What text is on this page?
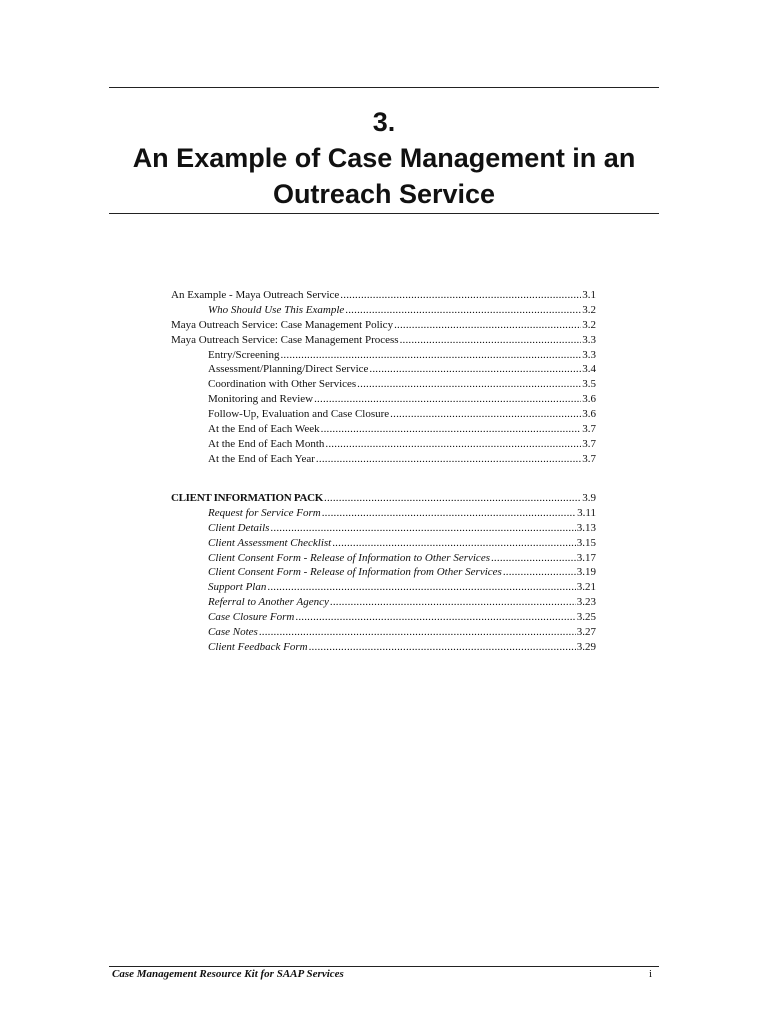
3.
An Example of Case Management in an
Outreach Service
An Example - Maya Outreach Service .....	3.1
Who Should Use This Example .....	3.2
Maya Outreach Service: Case Management Policy .....	3.2
Maya Outreach Service: Case Management Process .....	3.3
Entry/Screening .....	3.3
Assessment/Planning/Direct Service .....	3.4
Coordination with Other Services .....	3.5
Monitoring and Review .....	3.6
Follow-Up, Evaluation and Case Closure .....	3.6
At the End of Each Week .....	3.7
At the End of Each Month .....	3.7
At the End of Each Year .....	3.7
CLIENT INFORMATION PACK .....	3.9
Request for Service Form .....	3.11
Client Details .....	3.13
Client Assessment Checklist .....	3.15
Client Consent Form - Release of Information to Other Services .....	3.17
Client Consent Form - Release of Information from Other Services .....	3.19
Support Plan .....	3.21
Referral to Another Agency .....	3.23
Case Closure Form .....	3.25
Case Notes .....	3.27
Client Feedback Form .....	3.29
Case Management Resource Kit for SAAP Services	i
